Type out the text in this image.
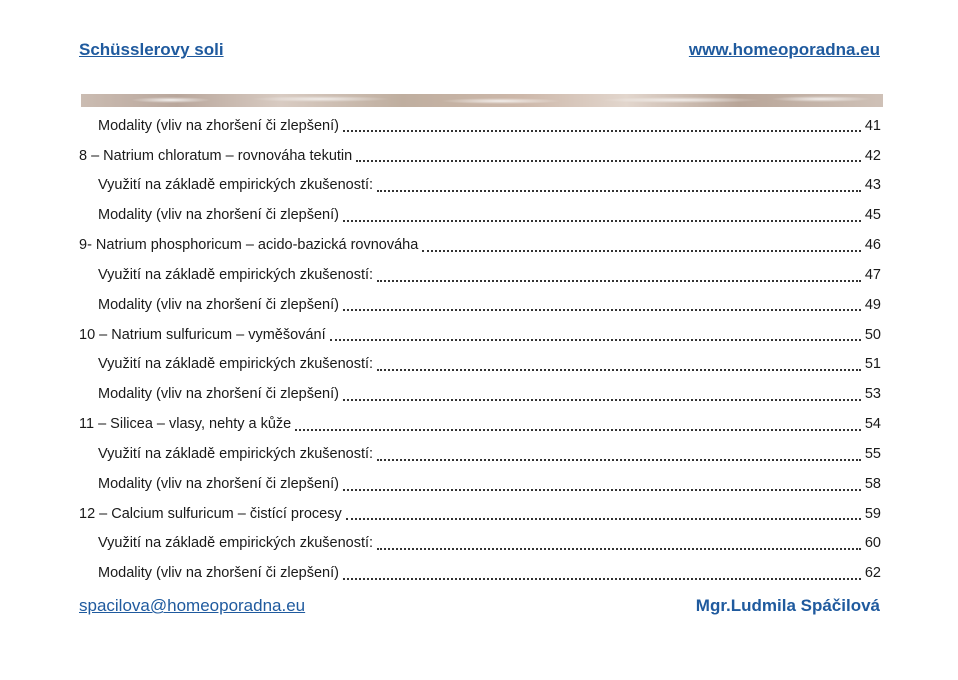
Schüsslerovy soli	www.homeoporadna.eu
Modality (vliv na zhoršení či zlepšení)	41
8 – Natrium chloratum – rovnováha tekutin	42
Využití na základě empirických zkušeností:	43
Modality (vliv na zhoršení či zlepšení)	45
9- Natrium phosphoricum – acido-bazická rovnováha	46
Využití na základě empirických zkušeností:	47
Modality (vliv na zhoršení či zlepšení)	49
10 – Natrium sulfuricum – vyměšování	50
Využití na základě empirických zkušeností:	51
Modality (vliv na zhoršení či zlepšení)	53
11 – Silicea – vlasy, nehty a kůže	54
Využití na základě empirických zkušeností:	55
Modality (vliv na zhoršení či zlepšení)	58
12 – Calcium sulfuricum – čistící procesy	59
Využití na základě empirických zkušeností:	60
Modality (vliv na zhoršení či zlepšení)	62
spacilova@homeoporadna.eu	Mgr.Ludmila Spáčilová
